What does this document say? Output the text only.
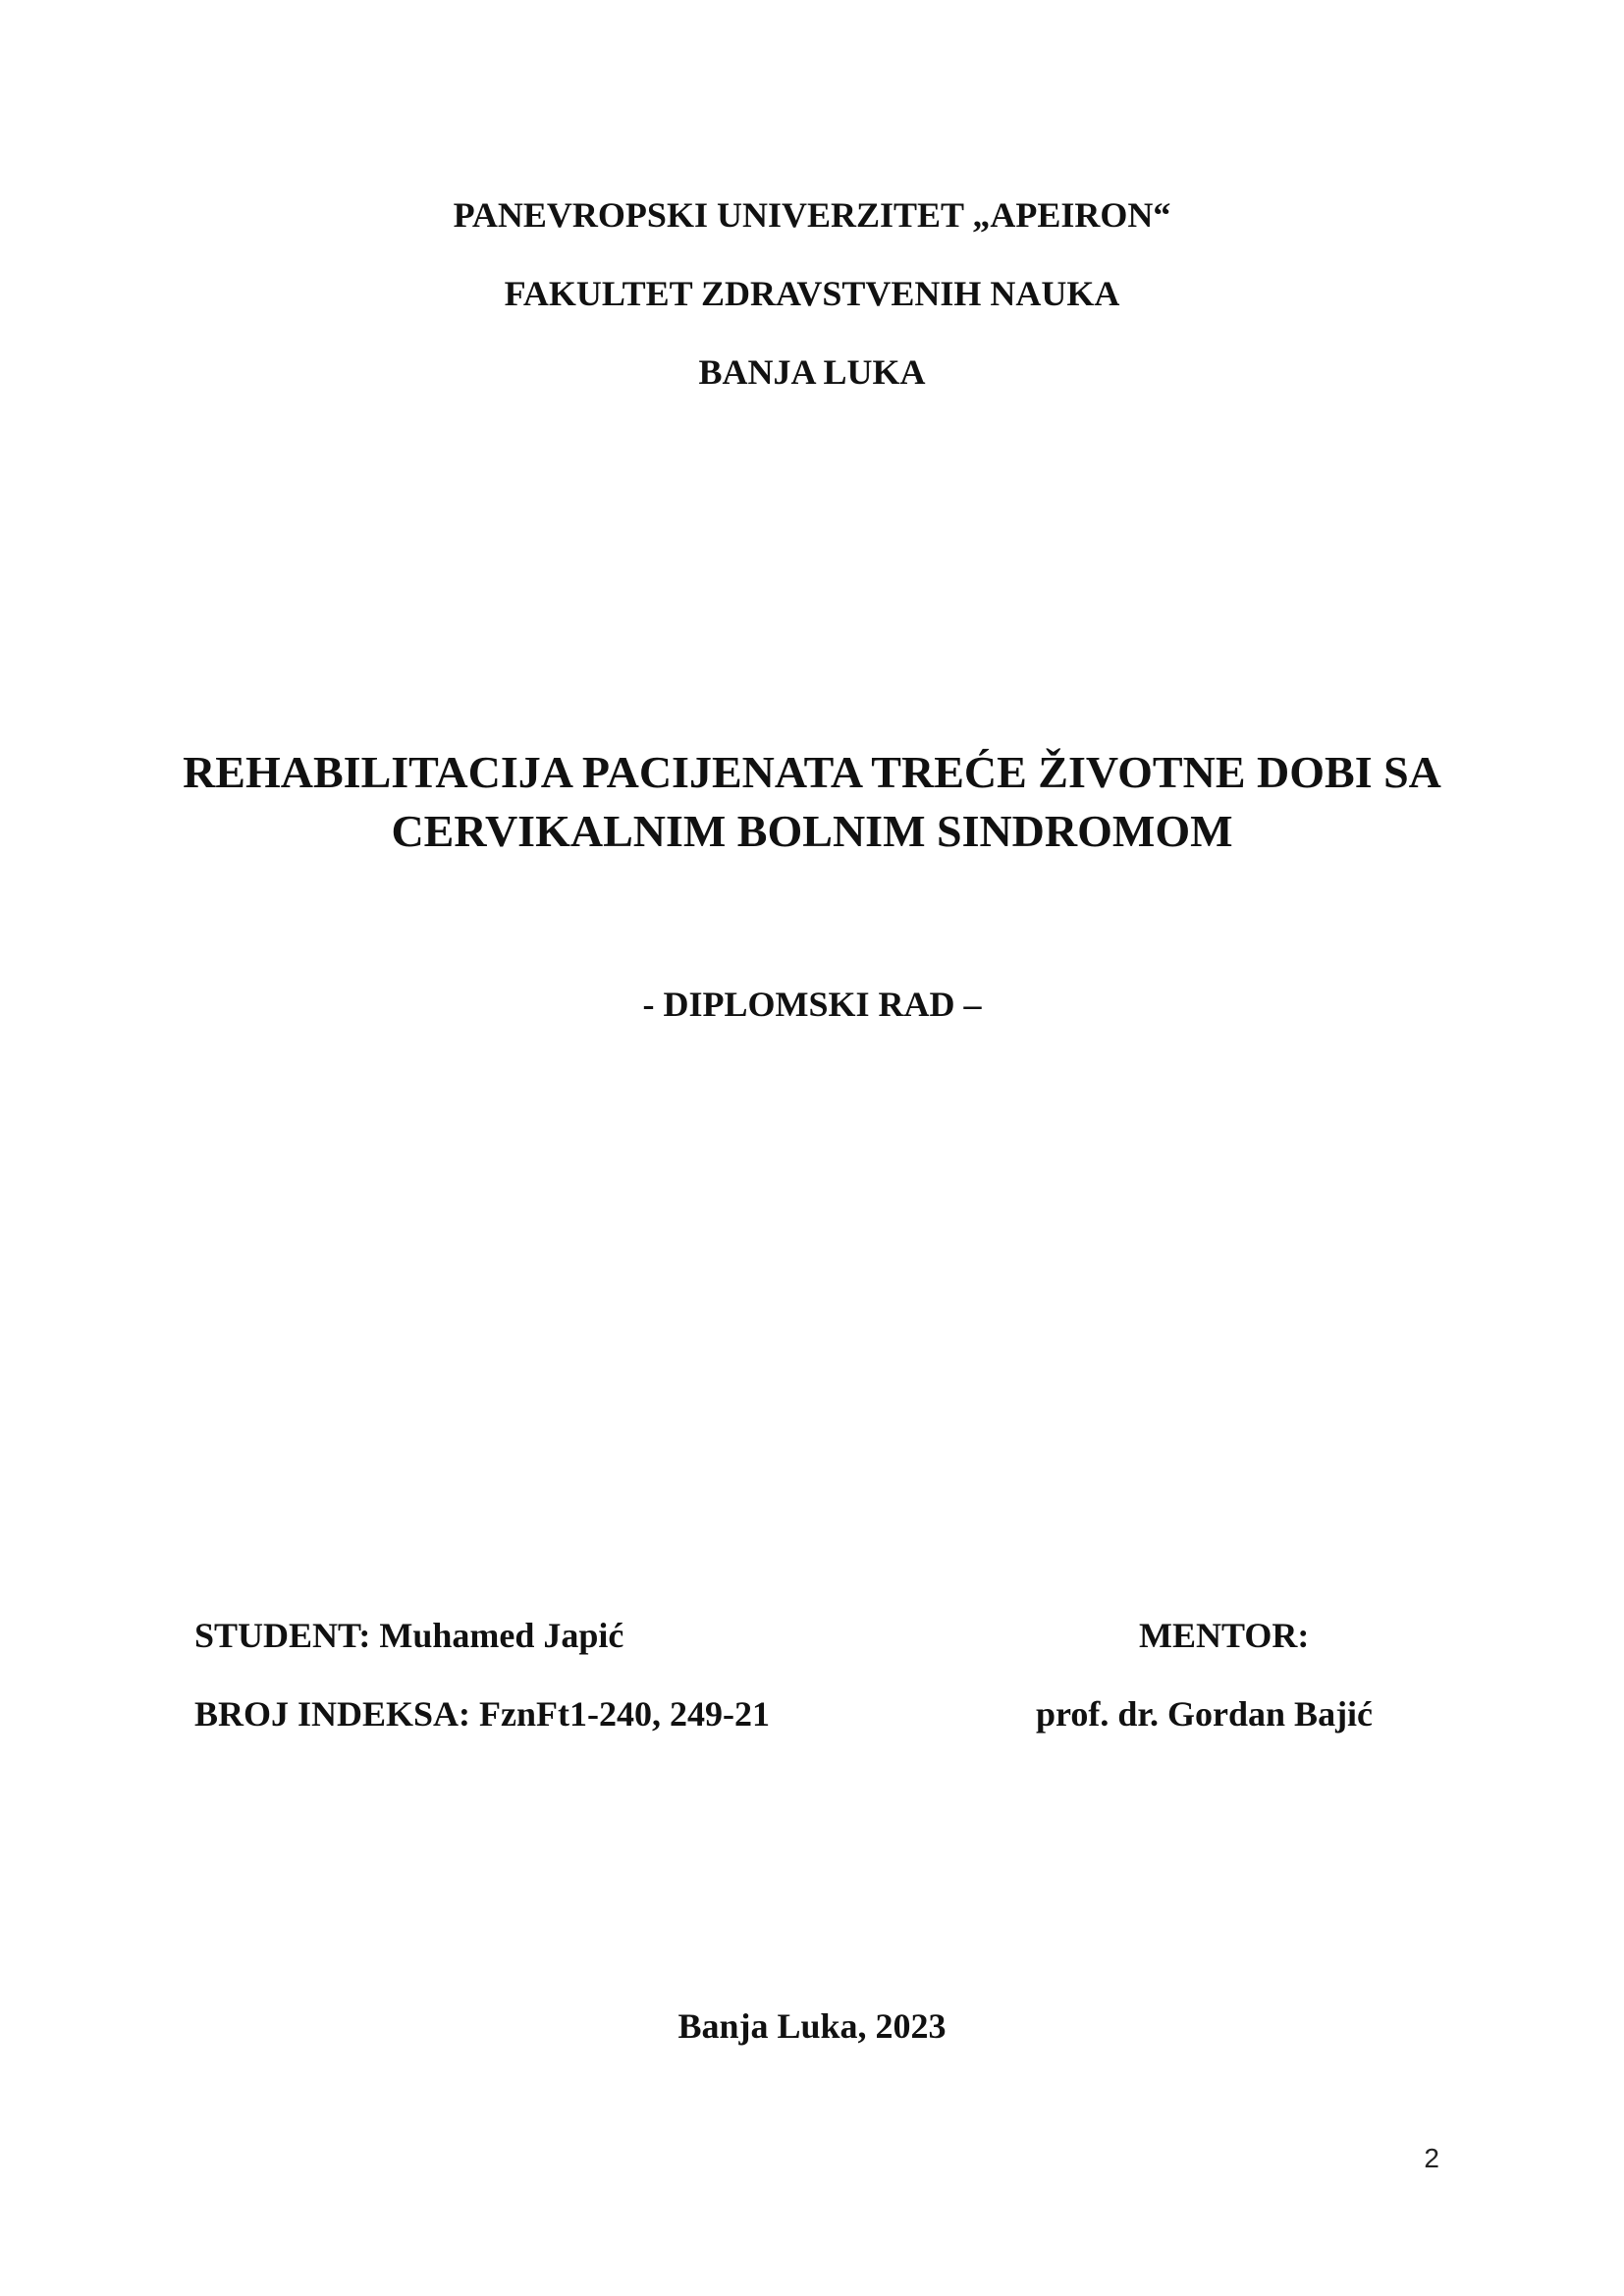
PANEVROPSKI UNIVERZITET „APEIRON“
FAKULTET ZDRAVSTVENIH NAUKA
BANJA LUKA
REHABILITACIJA PACIJENATA TREĆE ŽIVOTNE DOBI SA
CERVIKALNIM BOLNIM SINDROMOM
- DIPLOMSKI RAD –
STUDENT: Muhamed Japić
BROJ INDEKSA: FznFt1-240, 249-21
MENTOR:
prof. dr. Gordan Bajić
Banja Luka, 2023
2
